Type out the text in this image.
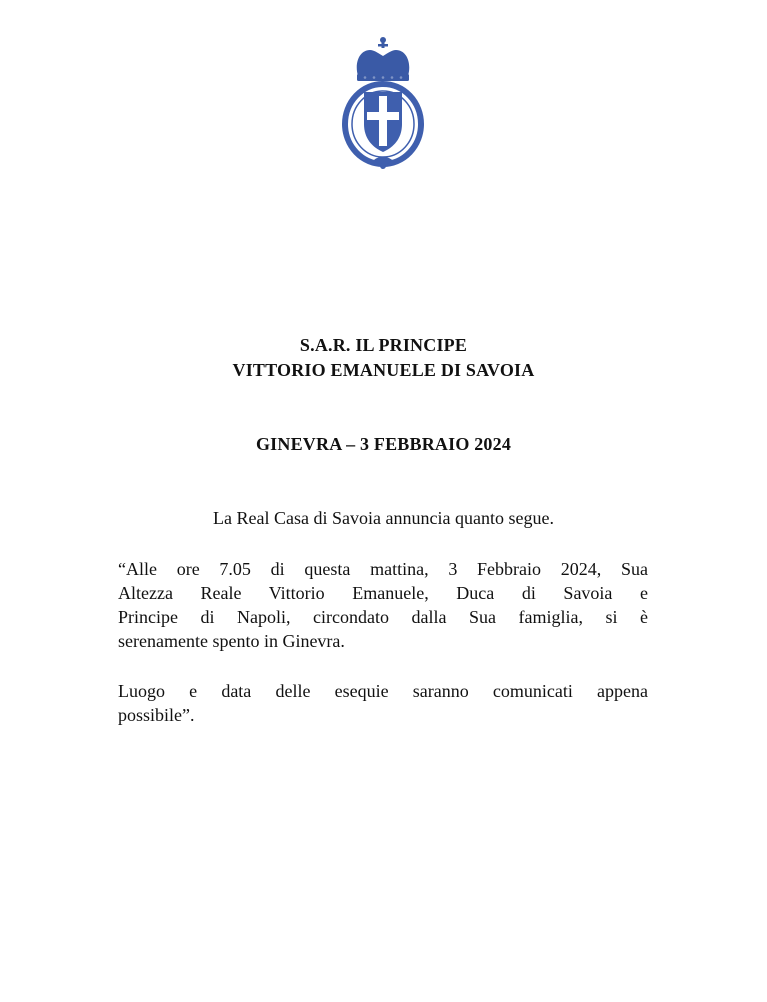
S.A.R. IL PRINCIPE
VITTORIO EMANUELE DI SAVOIA
GINEVRA – 3 FEBBRAIO 2024
La Real Casa di Savoia annuncia quanto segue.
“Alle ore 7.05 di questa mattina, 3 Febbraio 2024, Sua
Altezza Reale Vittorio Emanuele, Duca di Savoia e
Principe di Napoli, circondato dalla Sua famiglia, si è
serenamente spento in Ginevra.
Luogo e data delle esequie saranno comunicati appena
possibile”.
